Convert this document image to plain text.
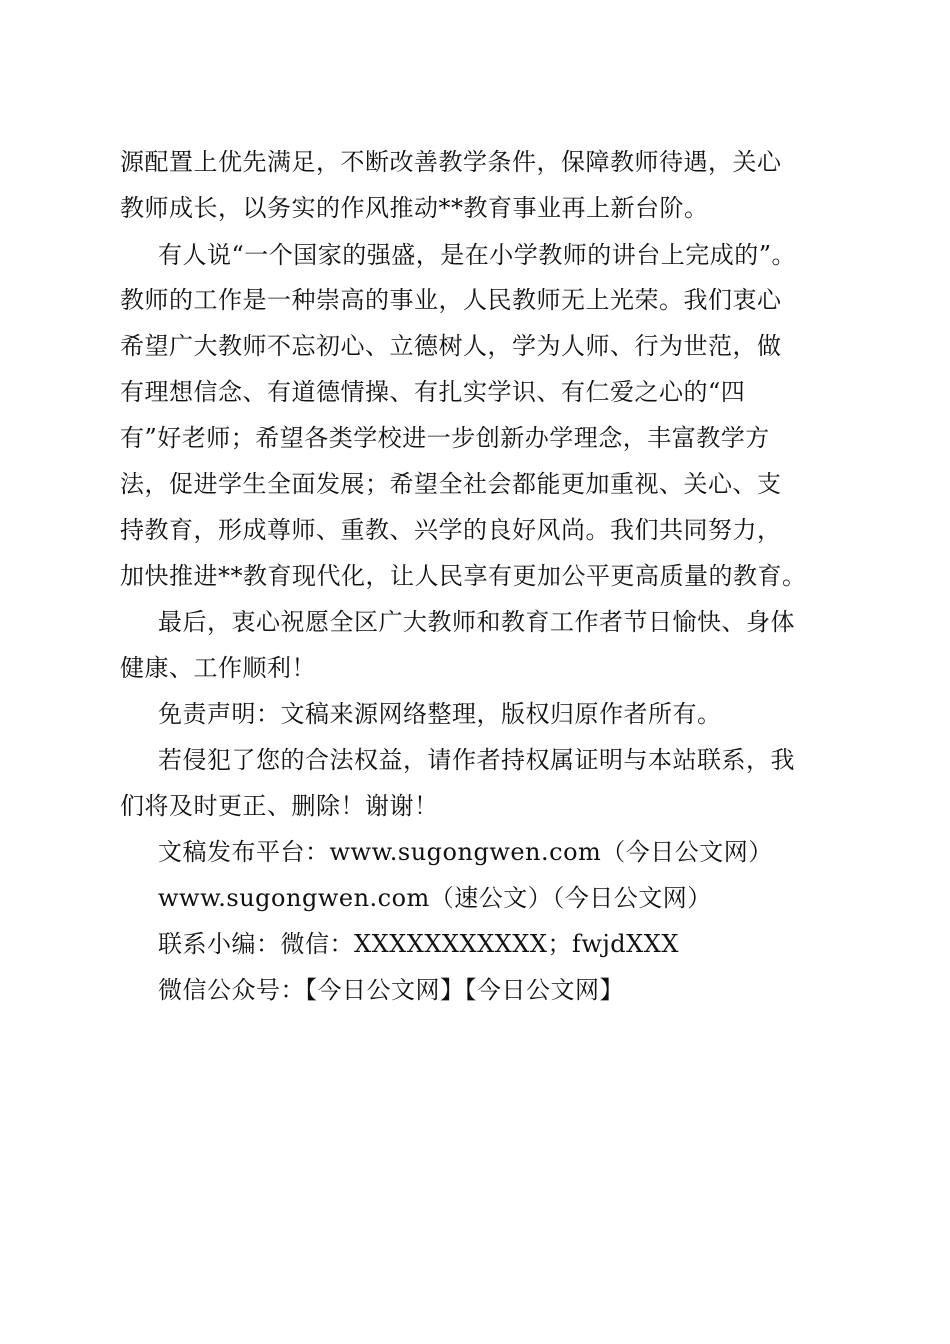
源配置上优先满足，不断改善教学条件，保障教师待遇，关心
教师成长，以务实的作风推动**教育事业再上新台阶。
有人说“一个国家的强盛，是在小学教师的讲台上完成的”。
教师的工作是一种崇高的事业，人民教师无上光荣。我们衷心
希望广大教师不忘初心、立德树人，学为人师、行为世范，做
有理想信念、有道德情操、有扎实学识、有仁爱之心的“四
有”好老师；希望各类学校进一步创新办学理念，丰富教学方
法，促进学生全面发展；希望全社会都能更加重视、关心、支
持教育，形成尊师、重教、兴学的良好风尚。我们共同努力，
加快推进**教育现代化，让人民享有更加公平更高质量的教育。
最后，衷心祝愿全区广大教师和教育工作者节日愉快、身体
健康、工作顺利！
免责声明：文稿来源网络整理，版权归原作者所有。
若侵犯了您的合法权益，请作者持权属证明与本站联系，我
们将及时更正、删除！谢谢！
文稿发布平台：www.sugongwen.com（今日公文网）
www.sugongwen.com（速公文）（今日公文网）
联系小编：微信：XXXXXXXXXXX；fwjdXXX
微信公众号：【今日公文网】【今日公文网】
